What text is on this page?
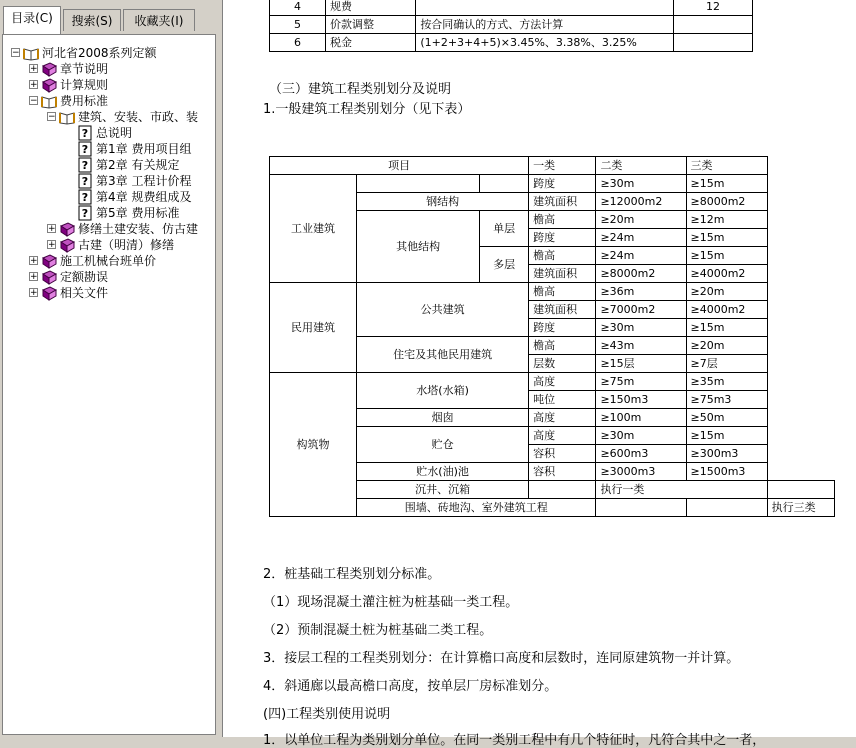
目录(C)	搜索(S)	收藏夹(I)
− 河北省2008系列定额
+ 章节说明
+ 计算规则
− 费用标准
− 建筑、安装、市政、装
? 总说明
? 第1章 费用项目组
? 第2章 有关规定
? 第3章 工程计价程
? 第4章 规费组成及
? 第5章 费用标准
+ 修缮土建安装、仿古建
+ 古建（明清）修缮
+ 施工机械台班单价
+ 定额勘误
+ 相关文件
4	规费		12
5	价款调整	按合同确认的方式、方法计算	
6	税金	(1+2+3+4+5)×3.45%、3.38%、3.25%	
（三）建筑工程类别划分及说明
1.一般建筑工程类别划分（见下表）
项目			一类	二类	三类	
工业建筑			跨度	≥30m	≥15m	
	钢结构		建筑面积	≥12000m2	≥8000m2	
	其他结构	单层	檐高	≥20m	≥12m	
			跨度	≥24m	≥15m	
		多层	檐高	≥24m	≥15m	
			建筑面积	≥8000m2	≥4000m2	
民用建筑	公共建筑		檐高	≥36m	≥20m	
			建筑面积	≥7000m2	≥4000m2	
			跨度	≥30m	≥15m	
	住宅及其他民用建筑		檐高	≥43m	≥20m	
			层数	≥15层	≥7层	
构筑物	水塔(水箱)		高度	≥75m	≥35m	
			吨位	≥150m3	≥75m3	
	烟囱		高度	≥100m	≥50m	
	贮仓		高度	≥30m	≥15m	
			容积	≥600m3	≥300m3	
	贮水(油)池		容积	≥3000m3	≥1500m3	
	沉井、沉箱			执行一类		
	围墙、砖地沟、室外建筑工程					执行三类
2．桩基础工程类别划分标准。
（1）现场混凝土灌注桩为桩基础一类工程。
（2）预制混凝土桩为桩基础二类工程。
3．接层工程的工程类别划分：在计算檐口高度和层数时，连同原建筑物一并计算。
4．斜通廊以最高檐口高度，按单层厂房标准划分。
(四)工程类别使用说明
1．以单位工程为类别划分单位。在同一类别工程中有几个特征时，凡符合其中之一者，
